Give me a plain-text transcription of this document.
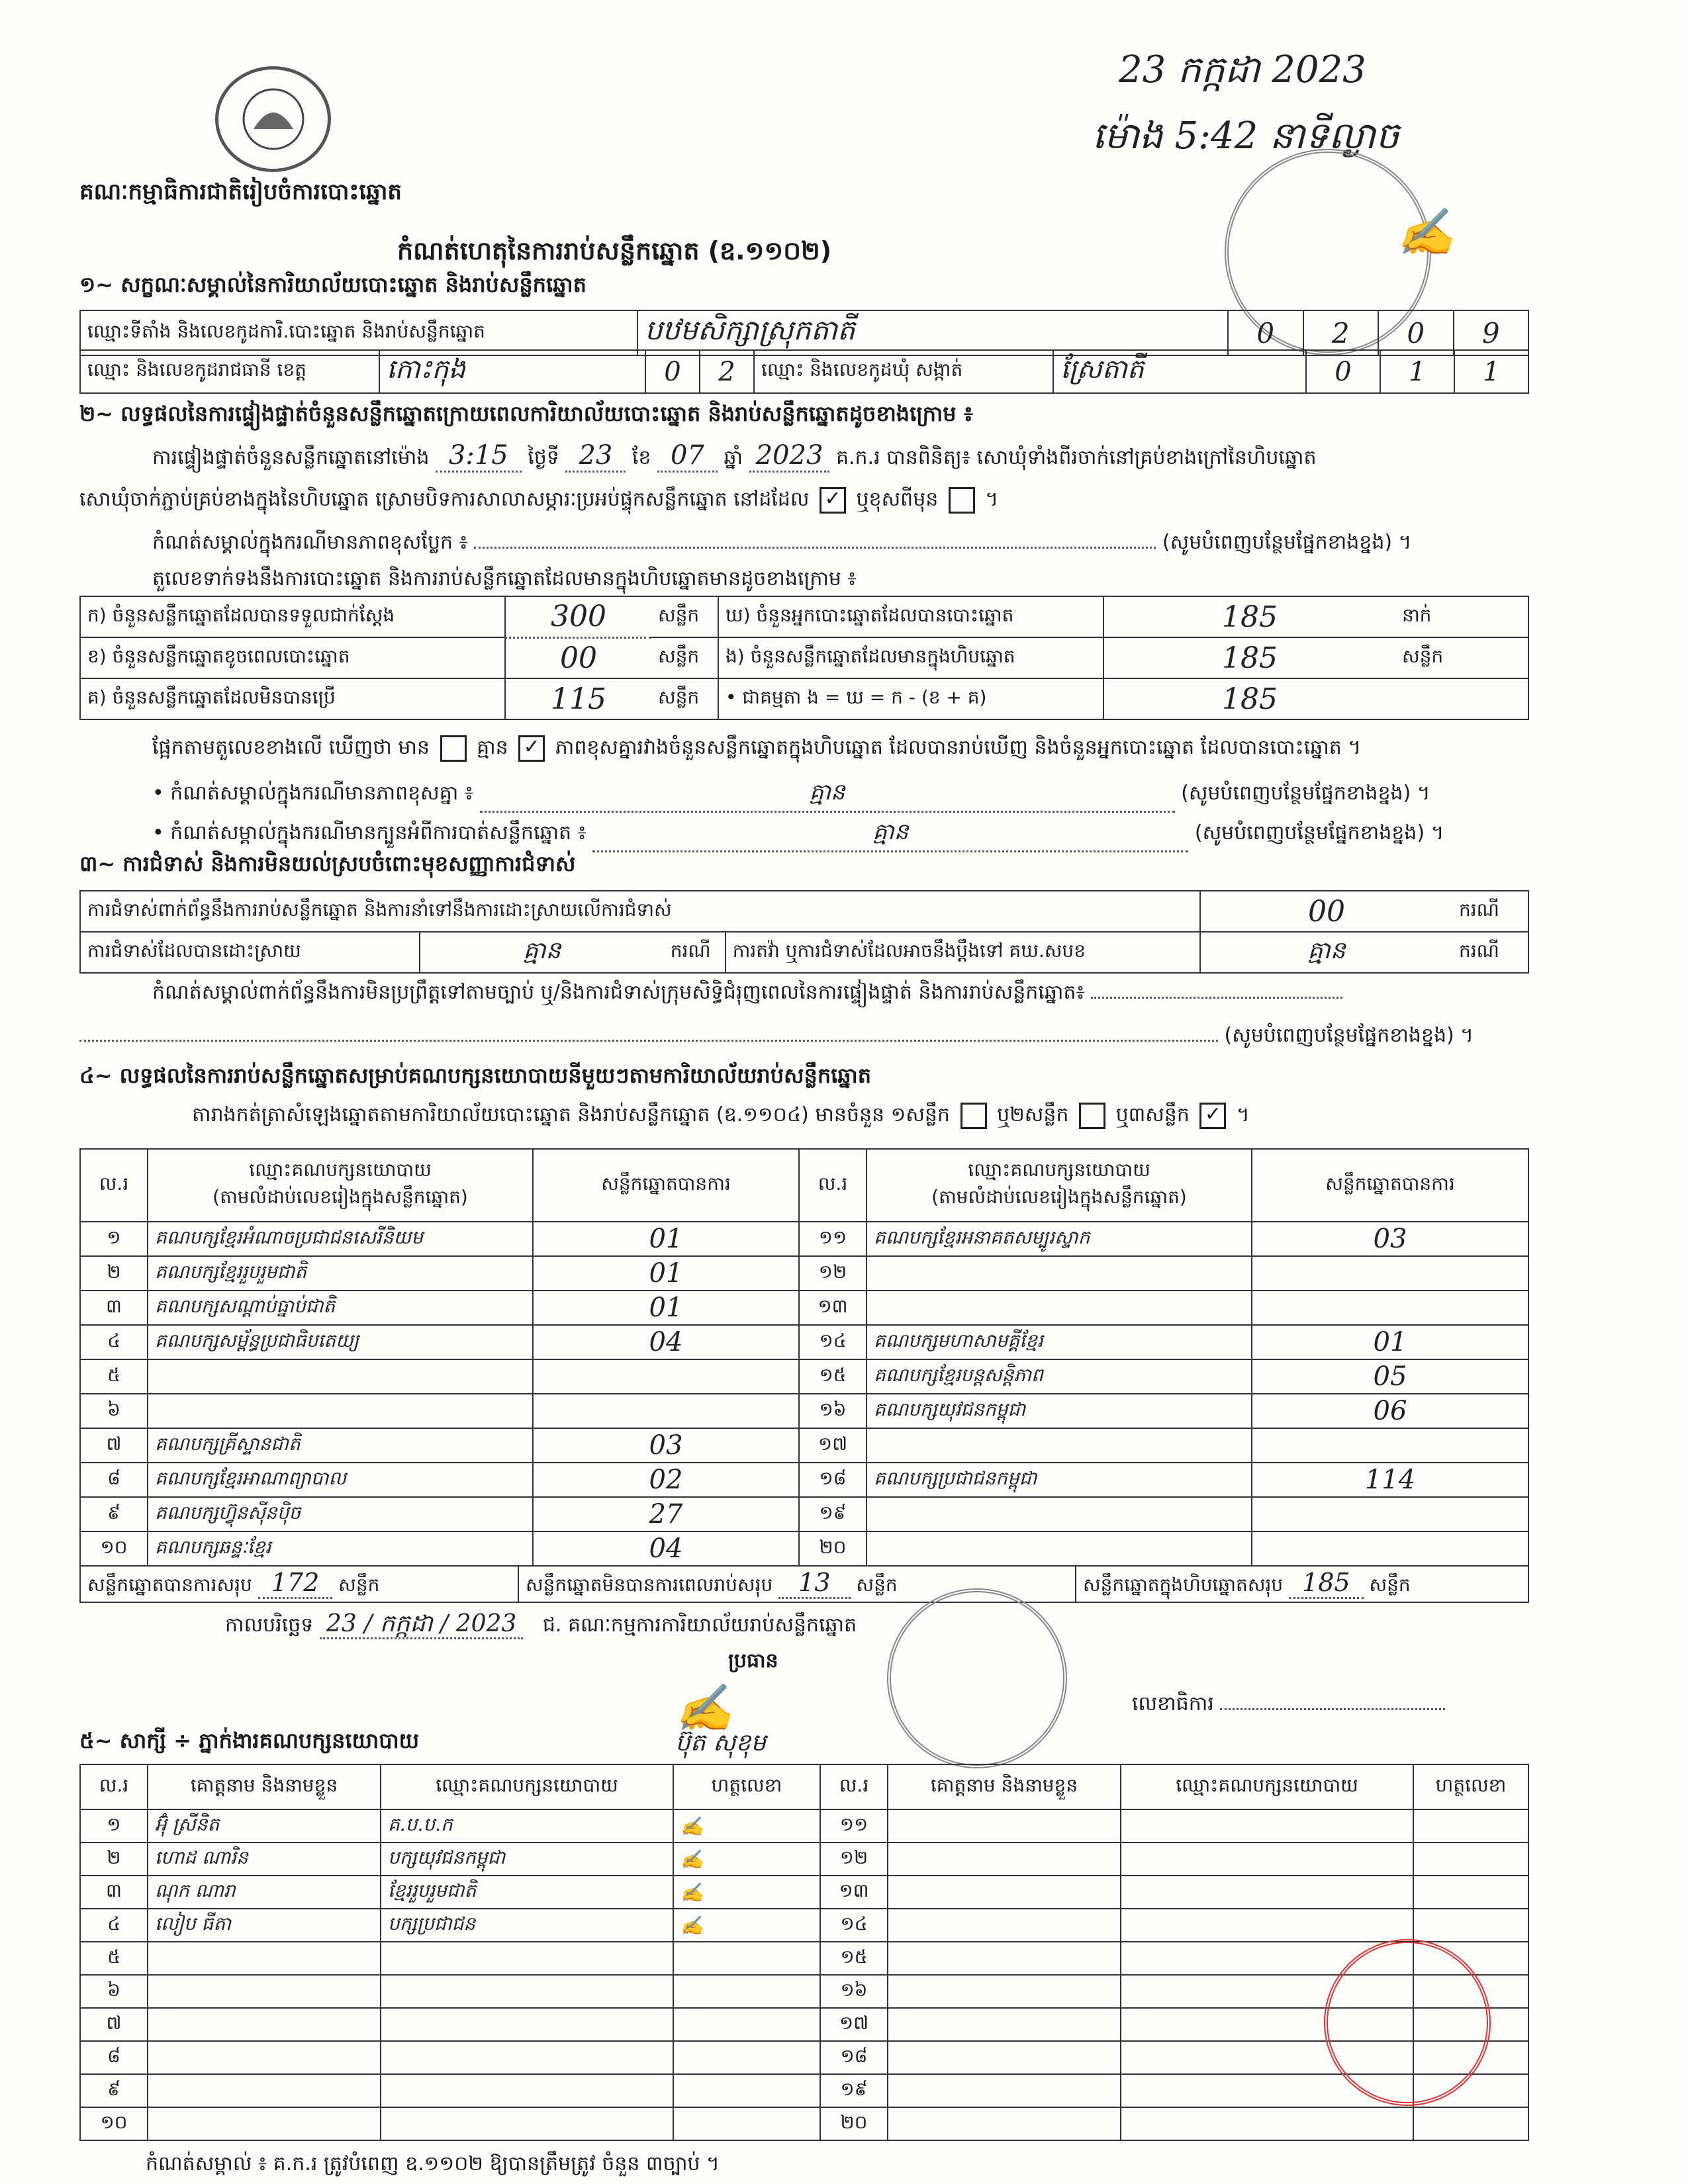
គណៈកម្មាធិការជាតិរៀបចំការបោះឆ្នោត
23 កក្កដា 2023
ម៉ោង 5:42 នាទីល្ងាច
✍
កំណត់ហេតុនៃការរាប់សន្លឹកឆ្នោត (ឧ.១១០២)
១~ សក្ខណៈសម្គាល់នៃការិយាល័យបោះឆ្នោត និងរាប់សន្លឹកឆ្នោត
ឈ្មោះទីតាំង និងលេខកូដការិ.បោះឆ្នោត និងរាប់សន្លឹកឆ្នោត	បឋមសិក្សាស្រុកតាតី	0	2	0	9
ឈ្មោះ និងលេខកូដរាជធានី ខេត្ត	កោះកុង	0	2	ឈ្មោះ និងលេខកូដឃុំ សង្កាត់	ស្រែតាតី	0	1	1
២~ លទ្ធផលនៃការផ្ទៀងផ្ទាត់ចំនួនសន្លឹកឆ្នោតក្រោយពេលការិយាល័យបោះឆ្នោត និងរាប់សន្លឹកឆ្នោតដូចខាងក្រោម ៖
ការផ្ទៀងផ្ទាត់ចំនួនសន្លឹកឆ្នោតនៅម៉ោង 3:15 ថ្ងៃទី 23 ខែ 07 ឆ្នាំ 2023 គ.ក.រ បានពិនិត្យ៖ សោឃុំទាំងពីរចាក់នៅគ្រប់ខាងក្រៅនៃហិបឆ្នោត
សោឃុំចាក់ភ្ជាប់គ្រប់ខាងក្នុងនៃហិបឆ្នោត ស្រោមបិទការសាលាសម្ភារៈប្រអប់ផ្ទុកសន្លឹកឆ្នោត នៅដដែល ✓ ឬខុសពីមុន  ។
កំណត់សម្គាល់ក្នុងករណីមានភាពខុសប្លែក ៖	(សូមបំពេញបន្ថែមផ្នែកខាងខ្នង) ។
តួលេខទាក់ទងនឹងការបោះឆ្នោត និងការរាប់សន្លឹកឆ្នោតដែលមានក្នុងហិបឆ្នោតមានដូចខាងក្រោម ៖
ក) ចំនួនសន្លឹកឆ្នោតដែលបានទទួលជាក់ស្តែង	300	សន្លឹក	ឃ) ចំនួនអ្នកបោះឆ្នោតដែលបានបោះឆ្នោត	185	នាក់
ខ) ចំនួនសន្លឹកឆ្នោតខូចពេលបោះឆ្នោត	00	សន្លឹក	ង) ចំនួនសន្លឹកឆ្នោតដែលមានក្នុងហិបឆ្នោត	185	សន្លឹក
គ) ចំនួនសន្លឹកឆ្នោតដែលមិនបានប្រើ	115	សន្លឹក	• ជាគម្មតា ង = ឃ = ក - (ខ + គ)	185	
ផ្អែកតាមតួលេខខាងលើ ឃើញថា មាន គ្មាន ✓ ភាពខុសគ្នារវាងចំនួនសន្លឹកឆ្នោតក្នុងហិបឆ្នោត ដែលបានរាប់ឃើញ និងចំនួនអ្នកបោះឆ្នោត ដែលបានបោះឆ្នោត ។
• កំណត់សម្គាល់ក្នុងករណីមានភាពខុសគ្នា ៖	គ្មាន	(សូមបំពេញបន្ថែមផ្នែកខាងខ្នង) ។
• កំណត់សម្គាល់ក្នុងករណីមានក្បួនអំពីការបាត់សន្លឹកឆ្នោត ៖	គ្មាន	(សូមបំពេញបន្ថែមផ្នែកខាងខ្នង) ។
៣~ ការជំទាស់ និងការមិនយល់ស្របចំពោះមុខសញ្ញាការជំទាស់
ការជំទាស់ពាក់ព័ន្ធនឹងការរាប់សន្លឹកឆ្នោត និងការនាំទៅនឹងការដោះស្រាយលើការជំទាស់				00	ករណី
ការជំទាស់ដែលបានដោះស្រាយ	គ្មាន	ករណី	ការតវ៉ា ឬការជំទាស់ដែលអាចនឹងប្តឹងទៅ គឃ.សបខ	គ្មាន	ករណី
កំណត់សម្គាល់ពាក់ព័ន្ធនឹងការមិនប្រព្រឹត្តទៅតាមច្បាប់ ឬ/និងការជំទាស់ក្រុមសិទ្ធិជំរុញពេលនៃការផ្ទៀងផ្ទាត់ និងការរាប់សន្លឹកឆ្នោត៖
(សូមបំពេញបន្ថែមផ្នែកខាងខ្នង) ។
៤~ លទ្ធផលនៃការរាប់សន្លឹកឆ្នោតសម្រាប់គណបក្សនយោបាយនីមួយៗតាមការិយាល័យរាប់សន្លឹកឆ្នោត
តារាងកត់ត្រាសំឡេងឆ្នោតតាមការិយាល័យបោះឆ្នោត និងរាប់សន្លឹកឆ្នោត (ឧ.១១០៤) មានចំនួន ១សន្លឹក ឬ២សន្លឹក ឬ៣សន្លឹក ✓ ។
ល.រ	ឈ្មោះគណបក្សនយោបាយ
(តាមលំដាប់លេខរៀងក្នុងសន្លឹកឆ្នោត)	សន្លឹកឆ្នោតបានការ	ល.រ	ឈ្មោះគណបក្សនយោបាយ
(តាមលំដាប់លេខរៀងក្នុងសន្លឹកឆ្នោត)	សន្លឹកឆ្នោតបានការ
១	គណបក្សខ្មែរអំណាចប្រជាជនសេរីនិយម	01	១១	គណបក្សខ្មែរអនាគតសម្បូរស្ទាក	03
២	គណបក្សខ្មែររួបរួមជាតិ	01	១២		
៣	គណបក្សសណ្តាប់ធ្នាប់ជាតិ	01	១៣		
៤	គណបក្សសម្ព័ន្ធប្រជាធិបតេយ្យ	04	១៤	គណបក្សមហាសាមគ្គីខ្មែរ	01
៥			១៥	គណបក្សខ្មែរបន្តសន្តិភាព	05
៦			១៦	គណបក្សយុវជនកម្ពុជា	06
៧	គណបក្សគ្រីស្ទានជាតិ	03	១៧		
៨	គណបក្សខ្មែរអាណាព្យាបាល	02	១៨	គណបក្សប្រជាជនកម្ពុជា	114
៩	គណបក្សហ៊្វុនស៊ីនប៉ិច	27	១៩		
១០	គណបក្សឆន្ទៈខ្មែរ	04	២០		
សន្លឹកឆ្នោតបានការសរុប 172 សន្លឹក	សន្លឹកឆ្នោតមិនបានការពេលរាប់សរុប 13 សន្លឹក	សន្លឹកឆ្នោតក្នុងហិបឆ្នោតសរុប 185 សន្លឹក
កាលបរិច្ឆេទ 23 / កក្កដា / 2023 ជ. គណៈកម្មការការិយាល័យរាប់សន្លឹកឆ្នោត
ប្រធាន
✍
ប៊ុត សុខុម
លេខាធិការ
៥~ សាក្សី ÷ ភ្នាក់ងារគណបក្សនយោបាយ
ល.រ	គោត្តនាម និងនាមខ្លួន	ឈ្មោះគណបក្សនយោបាយ	ហត្ថលេខា	ល.រ	គោត្តនាម និងនាមខ្លួន	ឈ្មោះគណបក្សនយោបាយ	ហត្ថលេខា
១	អ៊ុំ ស្រីនិត	គ.ប.ប.ក	✍	១១			
២	ហោដ ណារិន	បក្សយុវជនកម្ពុជា	✍	១២			
៣	ណុក ណារា	ខ្មែររួបរួមជាតិ	✍	១៣			
៤	លៀប ធីតា	បក្សប្រជាជន	✍	១៤			
៥				១៥			
៦				១៦			
៧				១៧			
៨				១៨			
៩				១៩			
១០				២០			
កំណត់សម្គាល់ ៖ គ.ក.រ ត្រូវបំពេញ ឧ.១១០២ ឱ្យបានត្រឹមត្រូវ ចំនួន ៣ច្បាប់ ។
